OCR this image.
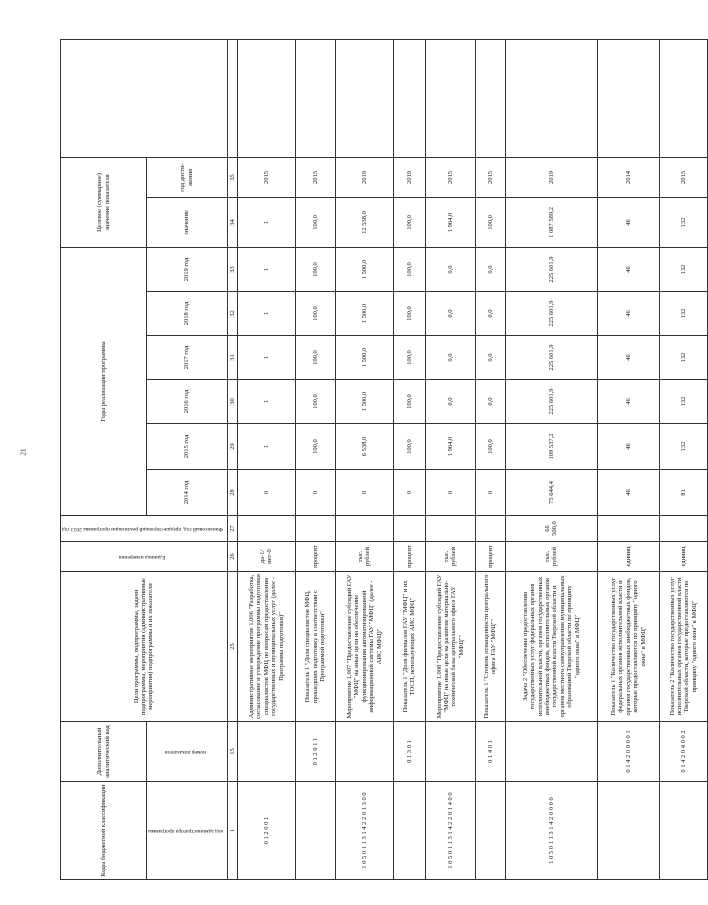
21
Коды бюджетной классификации	Дополнительный аналитический код	Цели программы, подпрограммы, задачи подпрограммы, мероприятия (административные мероприятия) подпрограммы и их показатели	Единица измерения	Финансовый год, предшествующий реализации программы 2013 год	Годы реализации программы						Целевое (суммарное) значение показателя		
код администратора программы	номер показателя				2014 год	2015 год	2016 год	2017 год	2018 год	2019 год	значение	год дости-жения	
1	15	25	26	27	28	29	30	31	32	33	34	35	
0 1 2 0 0 1		Административное мероприятие 1.006 "Разработка, согласование и утверждение программы подготовки специалистов МФЦ по вопросам предоставления государственных и муниципальных услуг (далее - Программа подготовки)"	да-1/нет-0		0	1	1	1	1	1	1	2015	
	0 1 2 0 1 1	Показатель 1 "Доля специалистов МФЦ, прошедших подготовку в соответствии с Программой подготовки"	процент		0	100,0	100,0	100,0	100,0	100,0	100,0	2015	
1 0 5 0 1 1 3 1 4 2 2 0 1 3 0 0		Мероприятие 1.007 "Предоставление субсидий ГАУ "МФЦ" на иные цели на обеспечение функционирования автоматизированной информационной системы ГАУ "МФЦ" (далее - АИС МФЦ)"	тыс. рублей		0	6 538,0	1 500,0	1 500,0	1 500,0	1 500,0	12 538,0	2019	
	0 1 3 0 1	Показатель 1 "Доля филиалов ГАУ "МФЦ" и их ТОСП, использующих АИС МФЦ"	процент		0	100,0	100,0	100,0	100,0	100,0	100,0	2019	
1 0 5 0 1 1 3 1 4 2 2 0 1 4 0 0		Мероприятие 1.008 "Предоставление субсидий ГАУ "МФЦ" на иные цели на развитие материально-технической базы центрального офиса ГАУ "МФЦ""	тыс. рублей		0	1 964,0	0,0	0,0	0,0	0,0	1 964,0	2015	
	0 1 4 0 1	Показатель 1 "Степень оснащенности центрального офиса ГАУ "МФЦ""	процент		0	100,0	0,0	0,0	0,0	0,0	100,0	2015	
1 0 5 0 1 1 3 1 4 2 0 0 0 0		Задача 2 "Обеспечение предоставления государственных услуг федеральных органов исполнительной власти, органов государственных внебюджетных фондов, исполнительных органов государственной власти Тверской области и органов местного самоуправления муниципальных образований Тверской области по принципу "одного окна" в МФЦ"	тыс. рублей	66 500,0	75 644,4	109 537,2	225 601,9	225 601,9	225 601,9	225 601,9	1 087 589,2	2019	
	0 1 4 2 0 0 0 0 1	Показатель 1 "Количество государственных услуг федеральных органов исполнительной власти и органов государственных внебюджетных фондов, которые предоставляются по принципу "одного окна" в МФЦ"	единиц		46	46	46	46	46	46	46	2014	
	0 1 4 2 0 4 0 0 2	Показатель 2 "Количество государственных услуг исполнительных органов государственной власти Тверской области, которые предоставляются по принципу "одного окна" в МФЦ"	единиц		81	132	132	132	132	132	132	2015	
